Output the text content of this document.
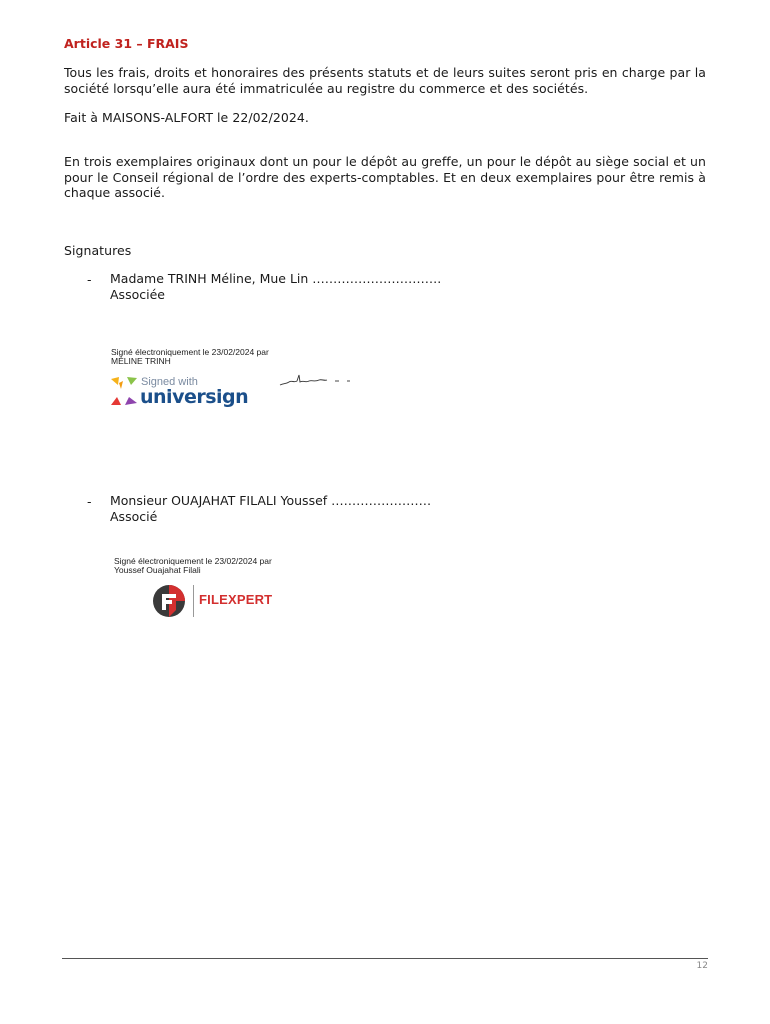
Article 31 – FRAIS
Tous les frais, droits et honoraires des présents statuts et de leurs suites seront pris en charge par la société lorsqu’elle aura été immatriculée au registre du commerce et des sociétés.
Fait à MAISONS-ALFORT le 22/02/2024.
En trois exemplaires originaux dont un pour le dépôt au greffe, un pour le dépôt au siège social et un pour le Conseil régional de l’ordre des experts-comptables. Et en deux exemplaires pour être remis à chaque associé.
Signatures
- Madame TRINH Méline, Mue Lin ………………………….
Associée
Signé électroniquement le 23/02/2024 par
MÉLINE TRINH
Signed with
universign
- Monsieur OUAJAHAT FILALI Youssef ……………………
Associé
Signé électroniquement le 23/02/2024 par
Youssef Ouajahat Filali
FILEXPERT
12
